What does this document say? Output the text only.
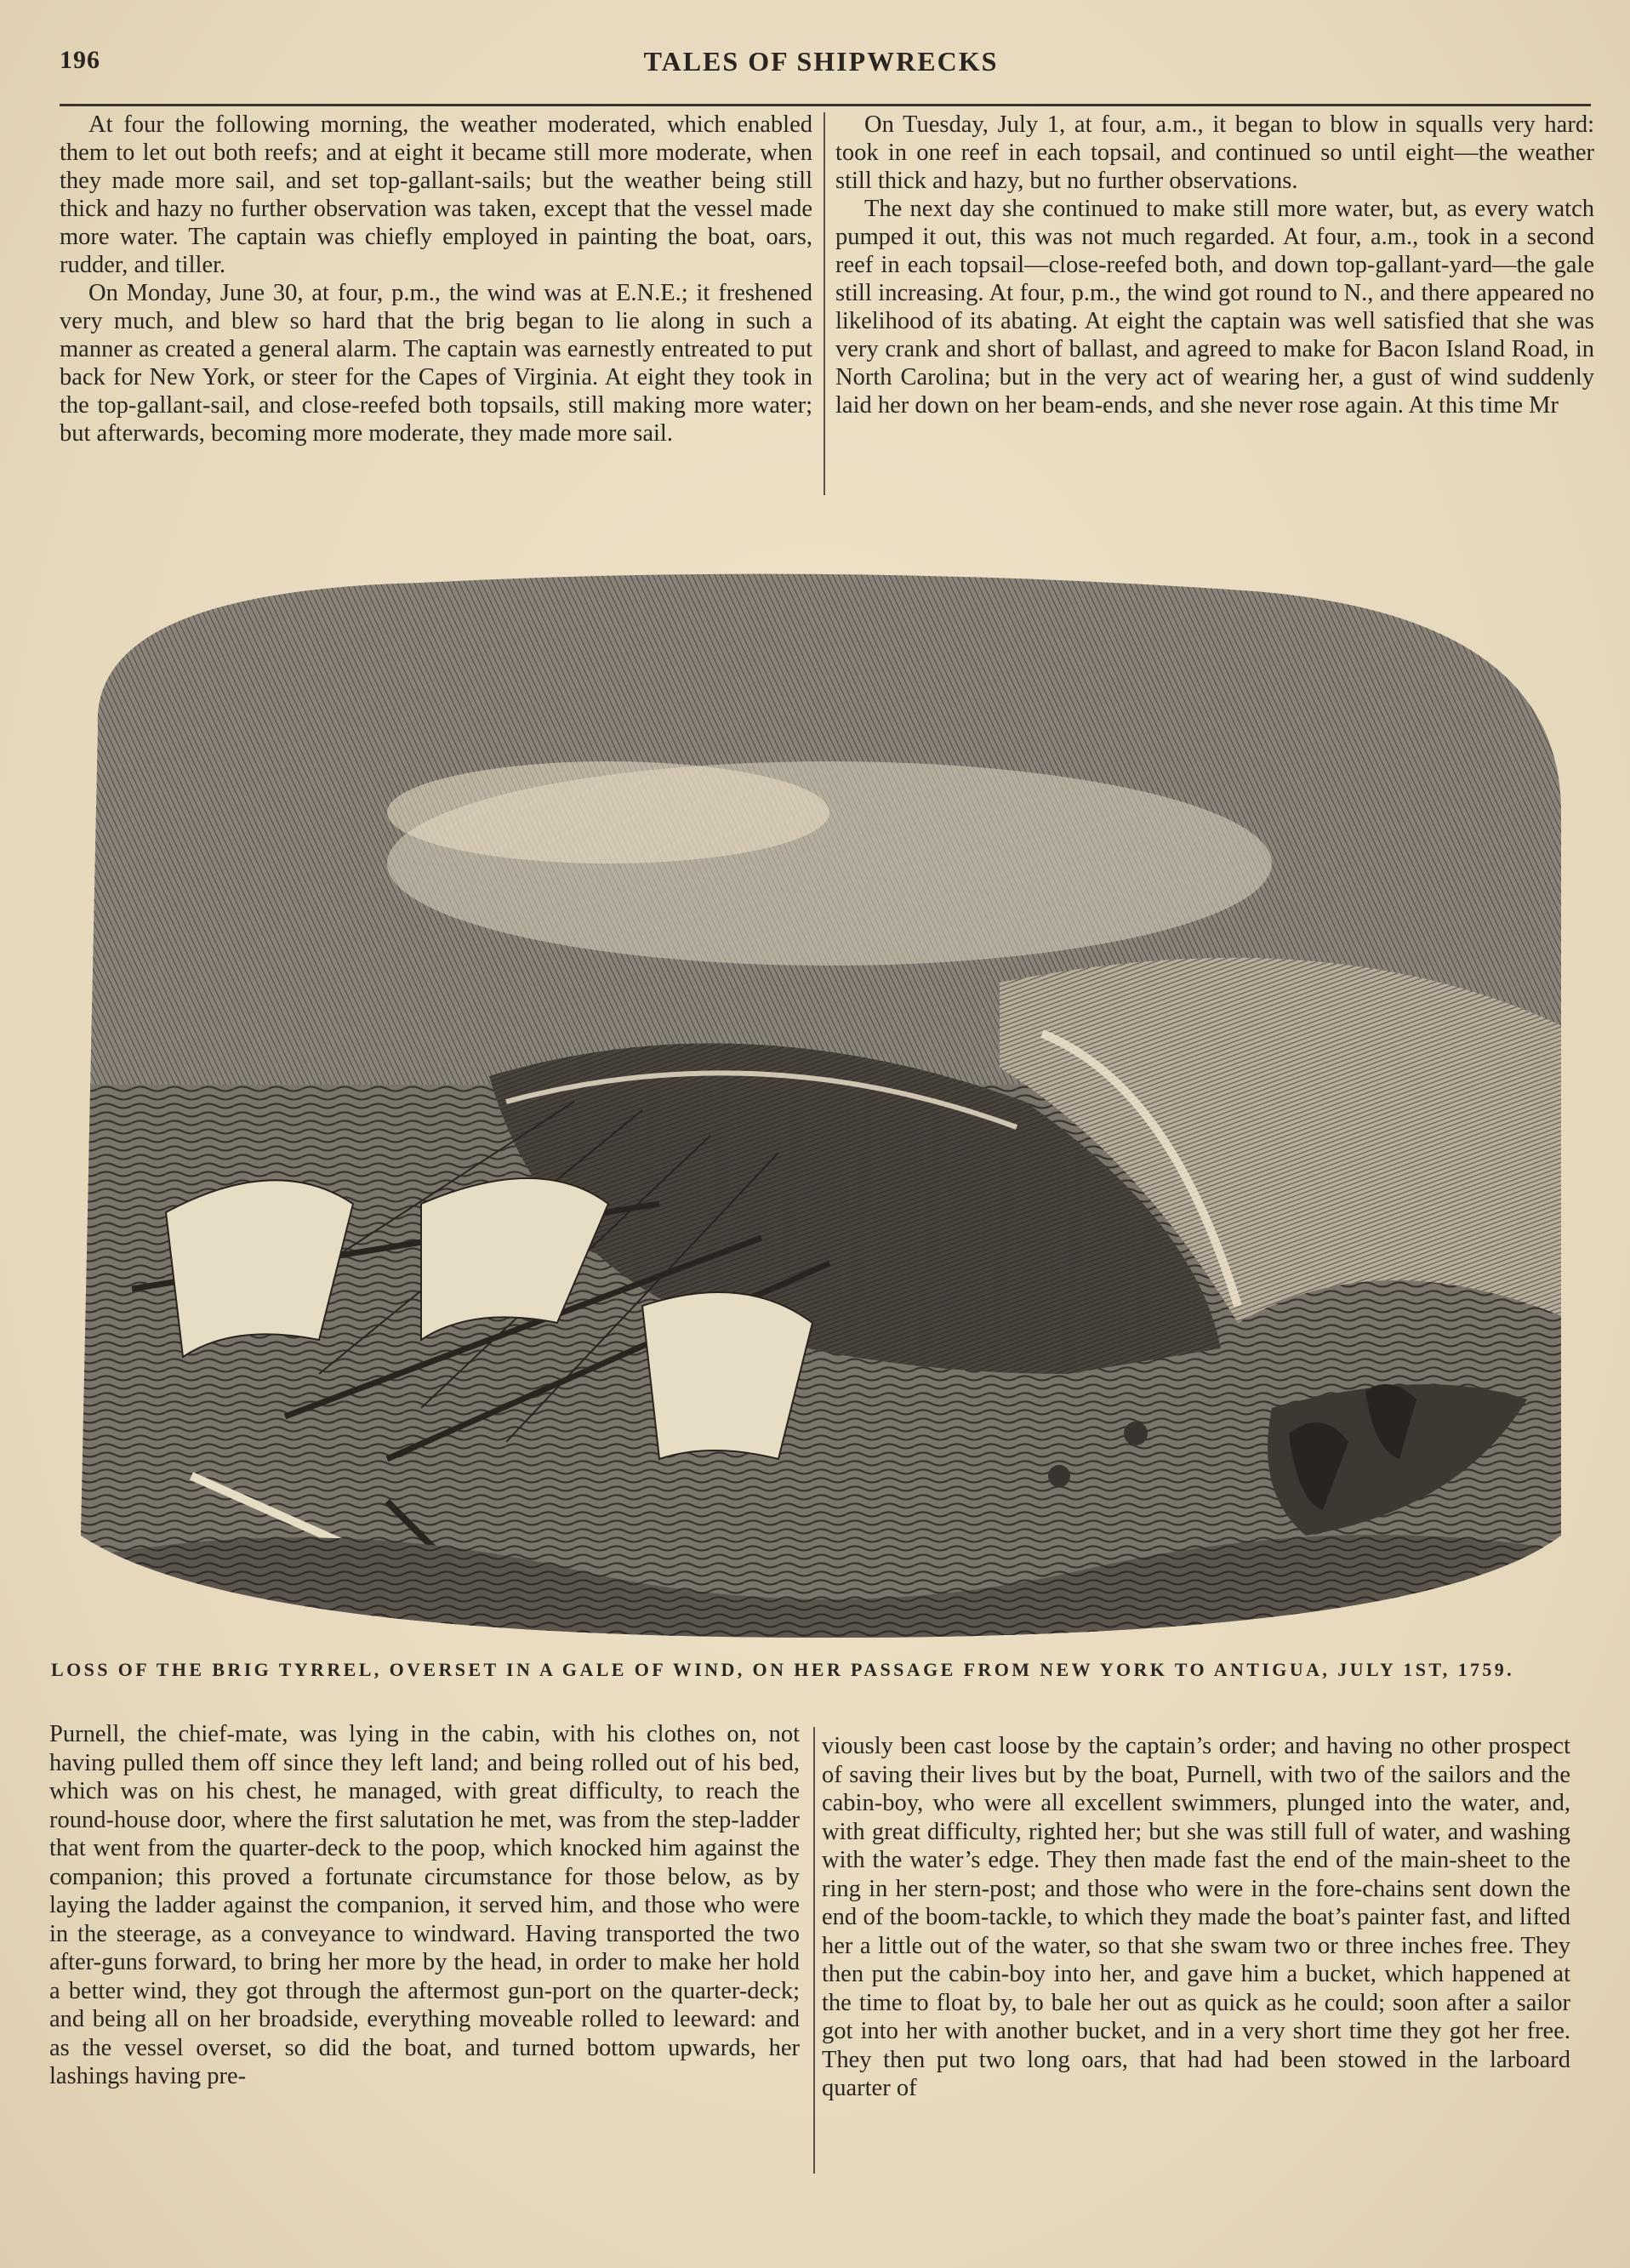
196	TALES OF SHIPWRECKS

At four the following morning, the weather moderated, which enabled them to let out both reefs; and at eight it became still more moderate, when they made more sail, and set top-gallant-sails; but the weather being still thick and hazy no further observation was taken, except that the vessel made more water. The captain was chiefly employed in painting the boat, oars, rudder, and tiller.

On Monday, June 30, at four, p.m., the wind was at E.N.E.; it freshened very much, and blew so hard that the brig began to lie along in such a manner as created a general alarm. The captain was earnestly entreated to put back for New York, or steer for the Capes of Virginia. At eight they took in the top-gallant-sail, and close-reefed both topsails, still making more water; but afterwards, becoming more moderate, they made more sail.

On Tuesday, July 1, at four, a.m., it began to blow in squalls very hard: took in one reef in each topsail, and continued so until eight—the weather still thick and hazy, but no further observations.

The next day she continued to make still more water, but, as every watch pumped it out, this was not much regarded. At four, a.m., took in a second reef in each topsail—close-reefed both, and down top-gallant-yard—the gale still increasing. At four, p.m., the wind got round to N., and there appeared no likelihood of its abating. At eight the captain was well satisfied that she was very crank and short of ballast, and agreed to make for Bacon Island Road, in North Carolina; but in the very act of wearing her, a gust of wind suddenly laid her down on her beam-ends, and she never rose again. At this time Mr

LOSS OF THE BRIG TYRREL, OVERSET IN A GALE OF WIND, ON HER PASSAGE FROM NEW YORK TO ANTIGUA, JULY 1ST, 1759.

Purnell, the chief-mate, was lying in the cabin, with his clothes on, not having pulled them off since they left land; and being rolled out of his bed, which was on his chest, he managed, with great difficulty, to reach the round-house door, where the first salutation he met, was from the step-ladder that went from the quarter-deck to the poop, which knocked him against the companion; this proved a fortunate circumstance for those below, as by laying the ladder against the companion, it served him, and those who were in the steerage, as a conveyance to windward. Having transported the two after-guns forward, to bring her more by the head, in order to make her hold a better wind, they got through the aftermost gun-port on the quarter-deck; and being all on her broadside, everything moveable rolled to leeward: and as the vessel overset, so did the boat, and turned bottom upwards, her lashings having pre-

viously been cast loose by the captain’s order; and having no other prospect of saving their lives but by the boat, Purnell, with two of the sailors and the cabin-boy, who were all excellent swimmers, plunged into the water, and, with great difficulty, righted her; but she was still full of water, and washing with the water’s edge. They then made fast the end of the main-sheet to the ring in her stern-post; and those who were in the fore-chains sent down the end of the boom-tackle, to which they made the boat’s painter fast, and lifted her a little out of the water, so that she swam two or three inches free. They then put the cabin-boy into her, and gave him a bucket, which happened at the time to float by, to bale her out as quick as he could; soon after a sailor got into her with another bucket, and in a very short time they got her free. They then put two long oars, that had had been stowed in the larboard quarter of
